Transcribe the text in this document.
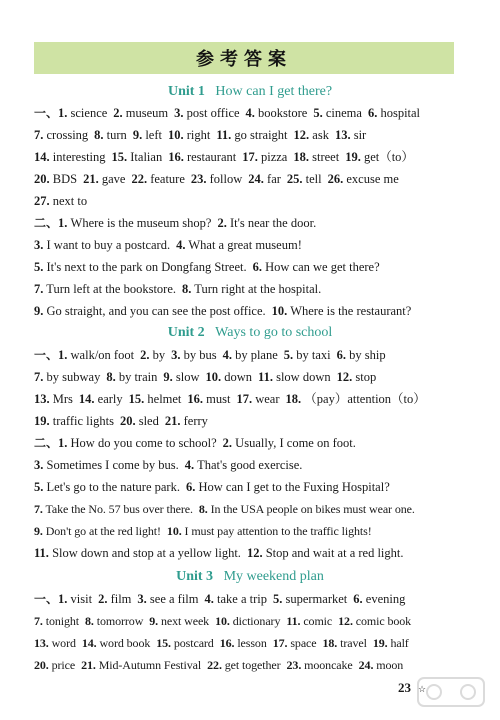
参考答案
Unit 1 How can I get there?
一、1. science 2. museum 3. post office 4. bookstore 5. cinema 6. hospital
7. crossing 8. turn 9. left 10. right 11. go straight 12. ask 13. sir
14. interesting 15. Italian 16. restaurant 17. pizza 18. street 19. get（to）
20. BDS 21. gave 22. feature 23. follow 24. far 25. tell 26. excuse me
27. next to
二、1. Where is the museum shop? 2. It's near the door.
3. I want to buy a postcard. 4. What a great museum!
5. It's next to the park on Dongfang Street. 6. How can we get there?
7. Turn left at the bookstore. 8. Turn right at the hospital.
9. Go straight, and you can see the post office. 10. Where is the restaurant?
Unit 2 Ways to go to school
一、1. walk/on foot 2. by 3. by bus 4. by plane 5. by taxi 6. by ship
7. by subway 8. by train 9. slow 10. down 11. slow down 12. stop
13. Mrs 14. early 15. helmet 16. must 17. wear 18. （pay）attention（to）
19. traffic lights 20. sled 21. ferry
二、1. How do you come to school? 2. Usually, I come on foot.
3. Sometimes I come by bus. 4. That's good exercise.
5. Let's go to the nature park. 6. How can I get to the Fuxing Hospital?
7. Take the No. 57 bus over there. 8. In the USA people on bikes must wear one.
9. Don't go at the red light! 10. I must pay attention to the traffic lights!
11. Slow down and stop at a yellow light. 12. Stop and wait at a red light.
Unit 3 My weekend plan
一、1. visit 2. film 3. see a film 4. take a trip 5. supermarket 6. evening
7. tonight 8. tomorrow 9. next week 10. dictionary 11. comic 12. comic book
13. word 14. word book 15. postcard 16. lesson 17. space 18. travel 19. half
20. price 21. Mid-Autumn Festival 22. get together 23. mooncake 24. moon
23 ☆
